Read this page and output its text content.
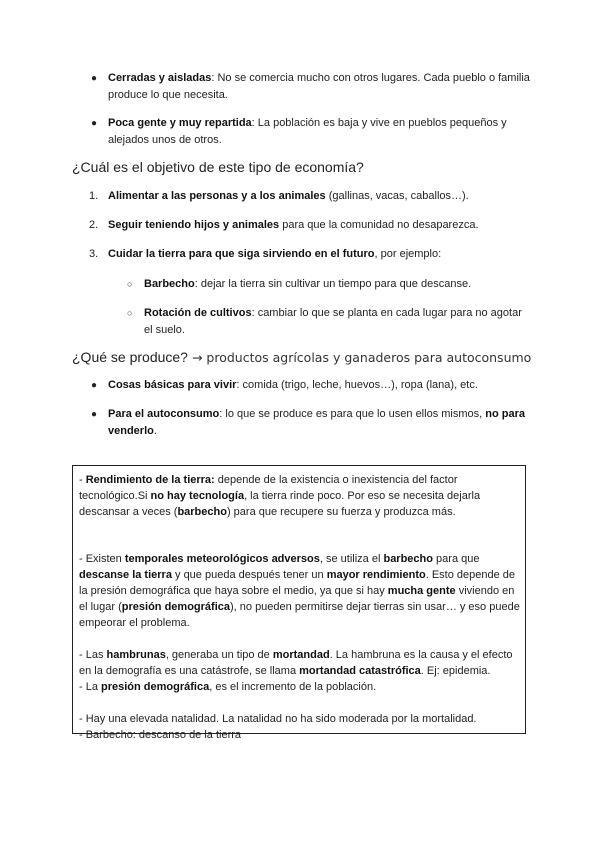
● Cerradas y aisladas: No se comercia mucho con otros lugares. Cada pueblo o familia produce lo que necesita.
● Poca gente y muy repartida: La población es baja y vive en pueblos pequeños y alejados unos de otros.
¿Cuál es el objetivo de este tipo de economía?
1. Alimentar a las personas y a los animales (gallinas, vacas, caballos…).
2. Seguir teniendo hijos y animales para que la comunidad no desaparezca.
3. Cuidar la tierra para que siga sirviendo en el futuro, por ejemplo:
○ Barbecho: dejar la tierra sin cultivar un tiempo para que descanse.
○ Rotación de cultivos: cambiar lo que se planta en cada lugar para no agotar el suelo.
¿Qué se produce? → productos agrícolas y ganaderos para autoconsumo
● Cosas básicas para vivir: comida (trigo, leche, huevos…), ropa (lana), etc.
● Para el autoconsumo: lo que se produce es para que lo usen ellos mismos, no para venderlo.

- Rendimiento de la tierra: depende de la existencia o inexistencia del factor tecnológico.Si no hay tecnología, la tierra rinde poco. Por eso se necesita dejarla descansar a veces (barbecho) para que recupere su fuerza y produzca más.

- Existen temporales meteorológicos adversos, se utiliza el barbecho para que descanse la tierra y que pueda después tener un mayor rendimiento. Esto depende de la presión demográfica que haya sobre el medio, ya que si hay mucha gente viviendo en el lugar (presión demográfica), no pueden permitirse dejar tierras sin usar… y eso puede empeorar el problema.

- Las hambrunas, generaba un tipo de mortandad. La hambruna es la causa y el efecto en la demografía es una catástrofe, se llama mortandad catastrófica. Ej: epidemia.

- La presión demográfica, es el incremento de la población.

- Hay una elevada natalidad. La natalidad no ha sido moderada por la mortalidad.

- Barbecho: descanso de la tierra
